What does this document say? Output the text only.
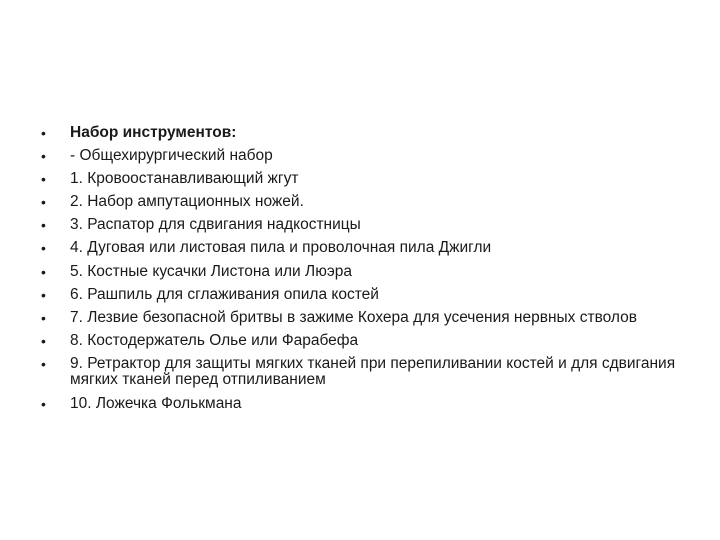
• Набор инструментов:
• - Общехирургический набор
• 1. Кровоостанавливающий жгут
• 2. Набор ампутационных ножей.
• 3. Распатор для сдвигания надкостницы
• 4. Дуговая или листовая пила и проволочная пила Джигли
• 5. Костные кусачки Листона или Люэра
• 6. Рашпиль для сглаживания опила костей
• 7. Лезвие безопасной бритвы в зажиме Кохера для усечения нервных стволов
• 8. Костодержатель Олье или Фарабефа
• 9. Ретрактор для защиты мягких тканей при перепиливании костей и для сдвигания мягких тканей перед отпиливанием
• 10. Ложечка Фолькмана
